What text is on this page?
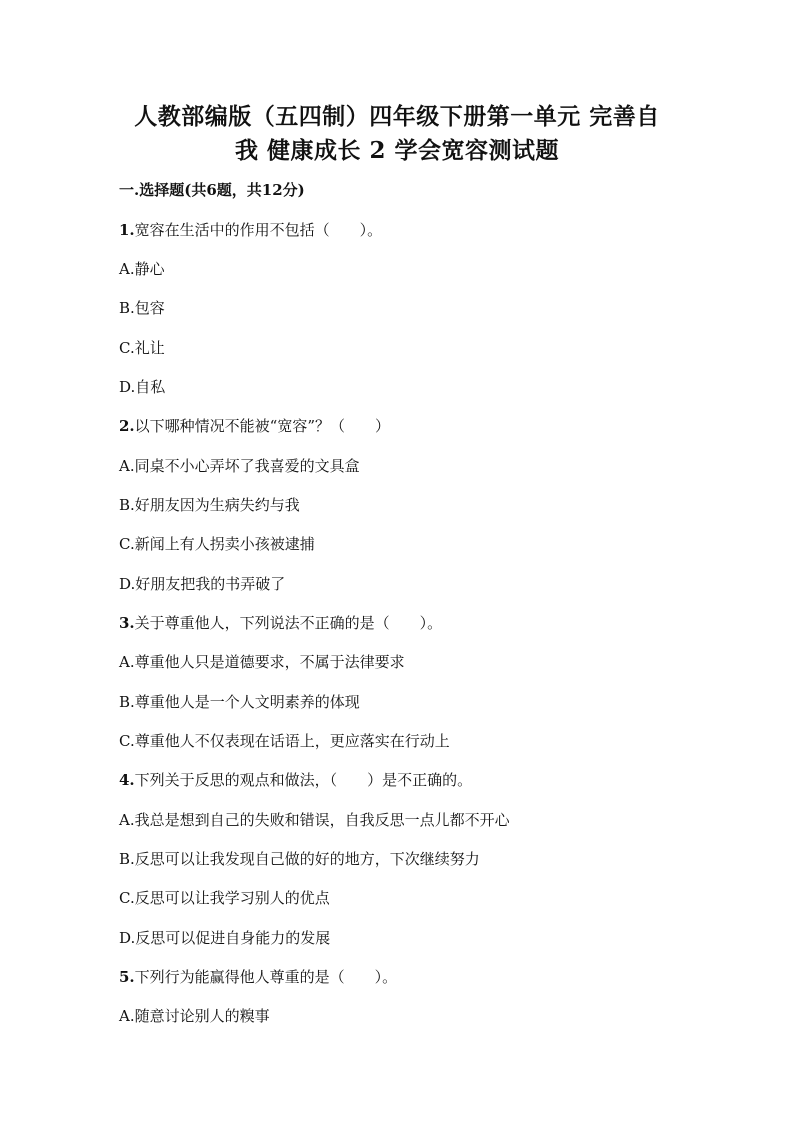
人教部编版（五四制）四年级下册第一单元 完善自
我 健康成长 2 学会宽容测试题

一.选择题(共6题，共12分)

1.宽容在生活中的作用不包括（　　）。

A.静心

B.包容

C.礼让

D.自私

2.以下哪种情况不能被“宽容”？（　　）

A.同桌不小心弄坏了我喜爱的文具盒

B.好朋友因为生病失约与我

C.新闻上有人拐卖小孩被逮捕

D.好朋友把我的书弄破了

3.关于尊重他人，下列说法不正确的是（　　）。

A.尊重他人只是道德要求，不属于法律要求

B.尊重他人是一个人文明素养的体现

C.尊重他人不仅表现在话语上，更应落实在行动上

4.下列关于反思的观点和做法，（　　）是不正确的。

A.我总是想到自己的失败和错误，自我反思一点儿都不开心

B.反思可以让我发现自己做的好的地方，下次继续努力

C.反思可以让我学习别人的优点

D.反思可以促进自身能力的发展

5.下列行为能赢得他人尊重的是（　　）。

A.随意讨论别人的糗事
